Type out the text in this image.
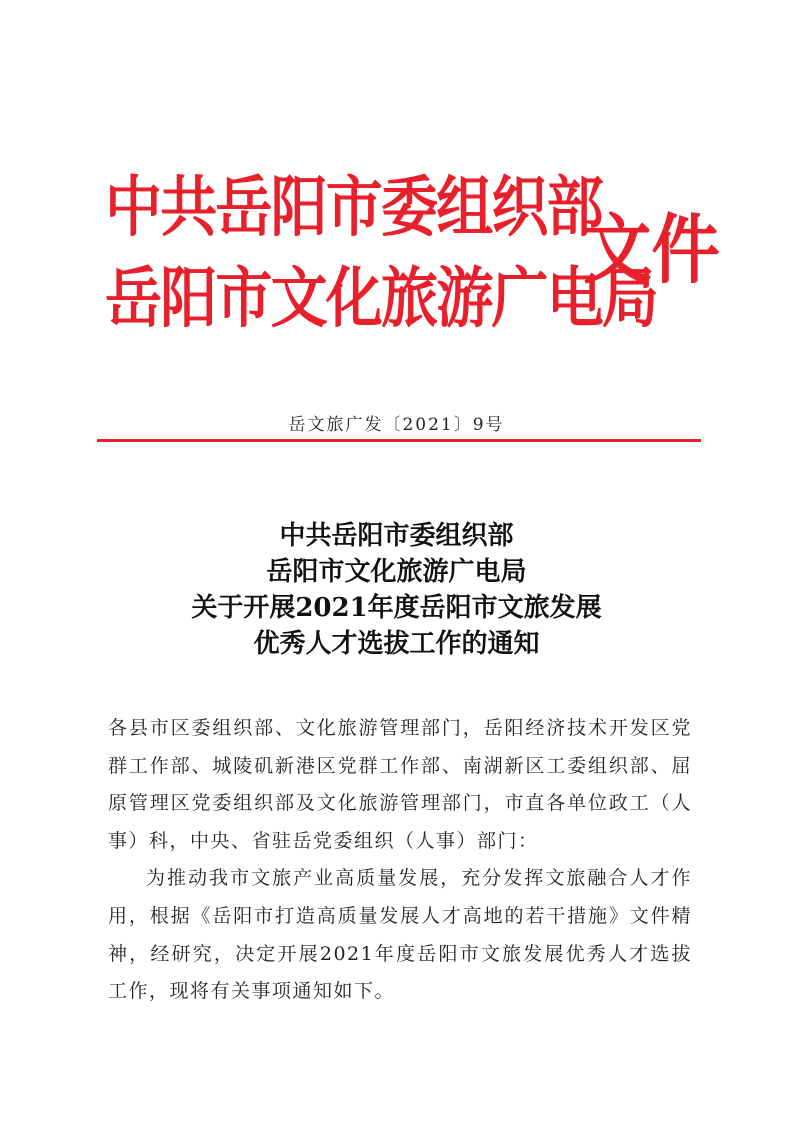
中共岳阳市委组织部

岳阳市文化旅游广电局

文件

岳文旅广发〔2021〕9号

中共岳阳市委组织部
岳阳市文化旅游广电局
关于开展2021年度岳阳市文旅发展
优秀人才选拔工作的通知

各县市区委组织部、文化旅游管理部门，岳阳经济技术开发区党群工作部、城陵矶新港区党群工作部、南湖新区工委组织部、屈原管理区党委组织部及文化旅游管理部门，市直各单位政工（人事）科，中央、省驻岳党委组织（人事）部门：

为推动我市文旅产业高质量发展，充分发挥文旅融合人才作用，根据《岳阳市打造高质量发展人才高地的若干措施》文件精神，经研究，决定开展2021年度岳阳市文旅发展优秀人才选拔工作，现将有关事项通知如下。
